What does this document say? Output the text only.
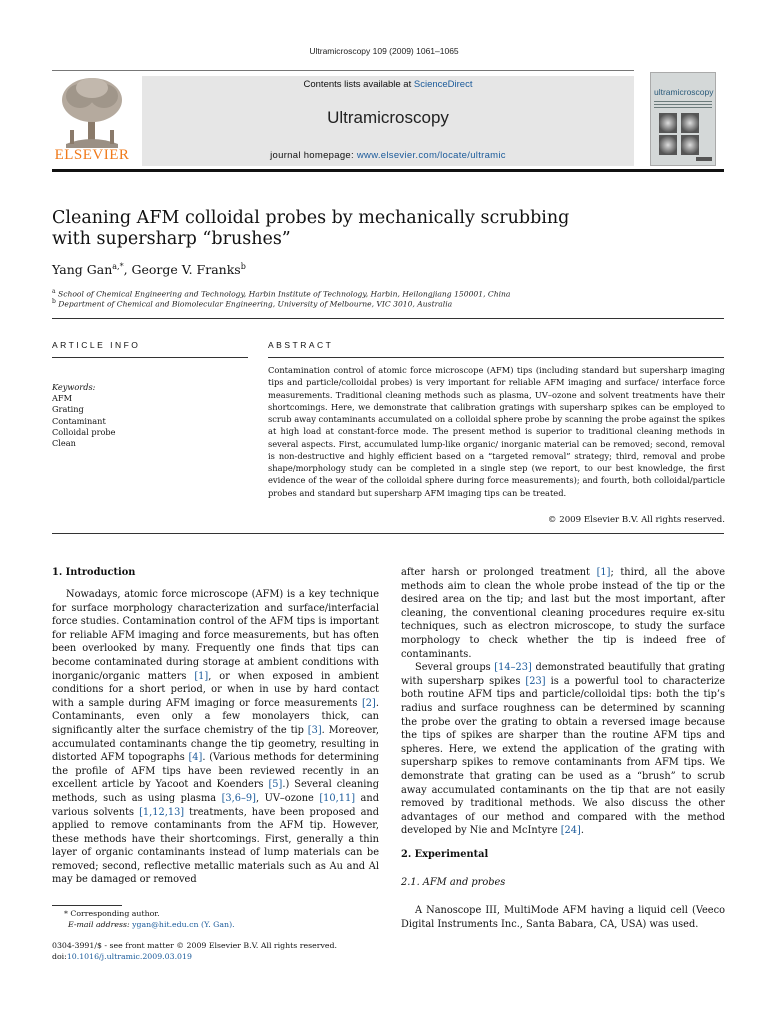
Ultramicroscopy 109 (2009) 1061–1065
ELSEVIER
Contents lists available at ScienceDirect
Ultramicroscopy
journal homepage: www.elsevier.com/locate/ultramic
ultramicroscopy
Cleaning AFM colloidal probes by mechanically scrubbing
with supersharp “brushes”
Yang Gan$^{a,*}$, George V. Franks$^b$
$^a$ School of Chemical Engineering and Technology, Harbin Institute of Technology, Harbin, Heilongjiang 150001, China
$^b$ Department of Chemical and Biomolecular Engineering, University of Melbourne, VIC 3010, Australia
ARTICLE INFO	ABSTRACT
Keywords:
AFM
Grating
Contaminant
Colloidal probe
Clean
Contamination control of atomic force microscope (AFM) tips (including standard but supersharp imaging tips and particle/colloidal probes) is very important for reliable AFM imaging and surface/ interface force measurements. Traditional cleaning methods such as plasma, UV–ozone and solvent treatments have their shortcomings. Here, we demonstrate that calibration gratings with supersharp spikes can be employed to scrub away contaminants accumulated on a colloidal sphere probe by scanning the probe against the spikes at high load at constant-force mode. The present method is superior to traditional cleaning methods in several aspects. First, accumulated lump-like organic/ inorganic material can be removed; second, removal is non-destructive and highly efficient based on a “targeted removal” strategy; third, removal and probe shape/morphology study can be completed in a single step (we report, to our best knowledge, the first evidence of the wear of the colloidal sphere during force measurements); and fourth, both colloidal/particle probes and standard but supersharp AFM imaging tips can be treated.
© 2009 Elsevier B.V. All rights reserved.
1. Introduction

Nowadays, atomic force microscope (AFM) is a key technique for surface morphology characterization and surface/interfacial force studies. Contamination control of the AFM tips is important for reliable AFM imaging and force measurements, but has often been overlooked by many. Frequently one finds that tips can become contaminated during storage at ambient conditions with inorganic/organic matters [1], or when exposed in ambient conditions for a short period, or when in use by hard contact with a sample during AFM imaging or force measurements [2]. Contaminants, even only a few monolayers thick, can significantly alter the surface chemistry of the tip [3]. Moreover, accumulated contaminants change the tip geometry, resulting in distorted AFM topographs [4]. (Various methods for determining the profile of AFM tips have been reviewed recently in an excellent article by Yacoot and Koenders [5].) Several cleaning methods, such as using plasma [3,6–9], UV–ozone [10,11] and various solvents [1,12,13] treatments, have been proposed and applied to remove contaminants from the AFM tip. However, these methods have their shortcomings. First, generally a thin layer of organic contaminants instead of lump materials can be removed; second, reflective metallic materials such as Au and Al may be damaged or removed

after harsh or prolonged treatment [1]; third, all the above methods aim to clean the whole probe instead of the tip or the desired area on the tip; and last but the most important, after cleaning, the conventional cleaning procedures require ex-situ techniques, such as electron microscope, to study the surface morphology to check whether the tip is indeed free of contaminants.

Several groups [14–23] demonstrated beautifully that grating with supersharp spikes [23] is a powerful tool to characterize both routine AFM tips and particle/colloidal tips: both the tip’s radius and surface roughness can be determined by scanning the probe over the grating to obtain a reversed image because the tips of spikes are sharper than the routine AFM tips and spheres. Here, we extend the application of the grating with supersharp spikes to remove contaminants from AFM tips. We demonstrate that grating can be used as a “brush” to scrub away accumulated contaminants on the tip that are not easily removed by traditional methods. We also discuss the other advantages of our method and compared with the method developed by Nie and McIntyre [24].

2. Experimental
2.1. AFM and probes

A Nanoscope III, MultiMode AFM having a liquid cell (Veeco Digital Instruments Inc., Santa Babara, CA, USA) was used.

* Corresponding author.
E-mail address: ygan@hit.edu.cn (Y. Gan).
0304-3991/$ - see front matter © 2009 Elsevier B.V. All rights reserved.
doi:10.1016/j.ultramic.2009.03.019
